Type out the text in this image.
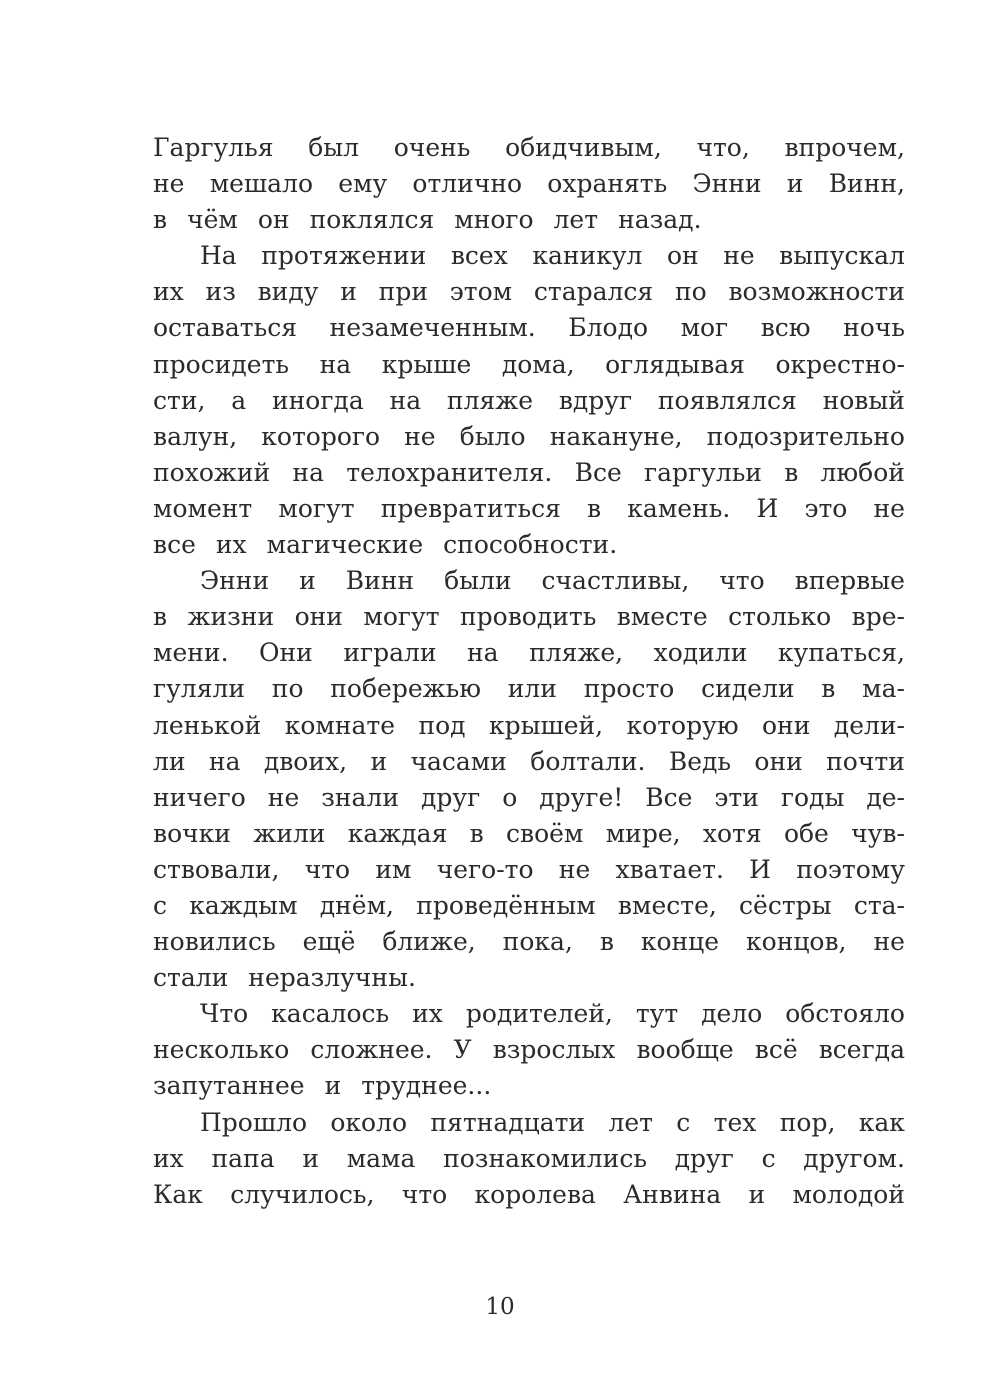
Гаргулья был очень обидчивым, что, впрочем,
не мешало ему отлично охранять Энни и Винн,
в чём он поклялся много лет назад.
На протяжении всех каникул он не выпускал
их из виду и при этом старался по возможности
оставаться незамеченным. Блодо мог всю ночь
просидеть на крыше дома, оглядывая окрестно-
сти, а иногда на пляже вдруг появлялся новый
валун, которого не было накануне, подозрительно
похожий на телохранителя. Все гаргульи в любой
момент могут превратиться в камень. И это не
все их магические способности.
Энни и Винн были счастливы, что впервые
в жизни они могут проводить вместе столько вре-
мени. Они играли на пляже, ходили купаться,
гуляли по побережью или просто сидели в ма-
ленькой комнате под крышей, которую они дели-
ли на двоих, и часами болтали. Ведь они почти
ничего не знали друг о друге! Все эти годы де-
вочки жили каждая в своём мире, хотя обе чув-
ствовали, что им чего-то не хватает. И поэтому
с каждым днём, проведённым вместе, сёстры ста-
новились ещё ближе, пока, в конце концов, не
стали неразлучны.
Что касалось их родителей, тут дело обстояло
несколько сложнее. У взрослых вообще всё всегда
запутаннее и труднее...
Прошло около пятнадцати лет с тех пор, как
их папа и мама познакомились друг с другом.
Как случилось, что королева Анвина и молодой
10
